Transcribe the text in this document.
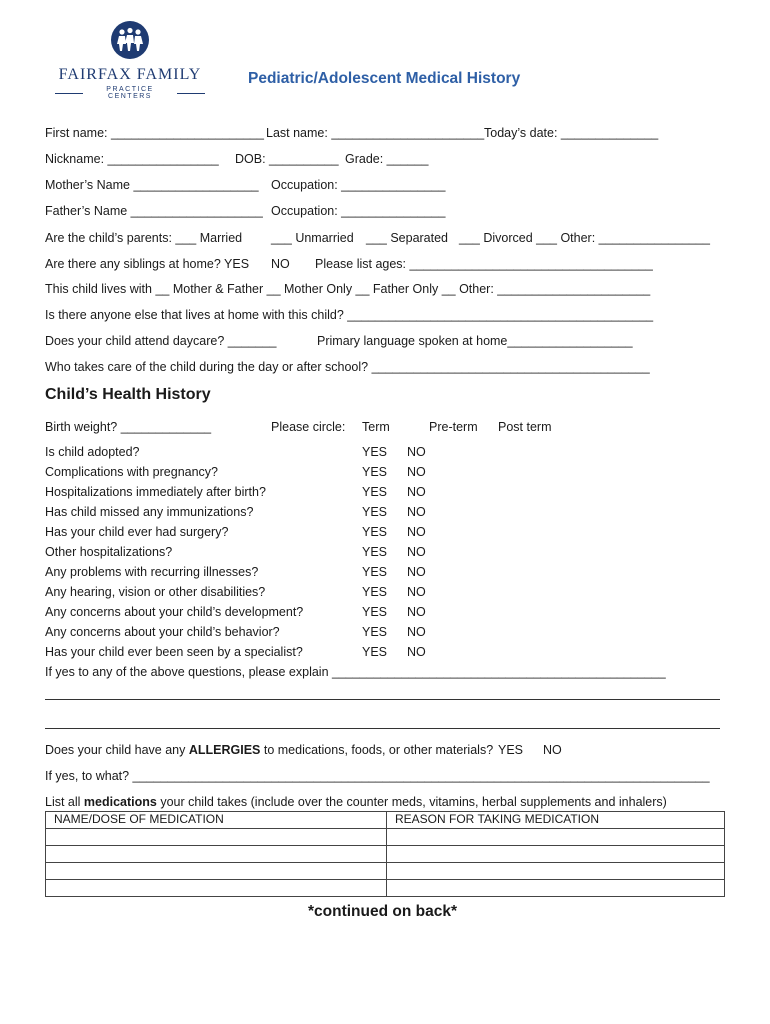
FAIRFAX FAMILY
PRACTICE CENTERS
Pediatric/Adolescent Medical History
First name: ______________________ Last name: ______________________ Today’s date: ______________
Nickname: ________________ DOB: __________ Grade: ______
Mother’s Name __________________ Occupation: _______________
Father’s Name ___________________ Occupation: _______________
Are the child’s parents: ___ Married ___ Unmarried ___ Separated ___ Divorced ___ Other: ________________
Are there any siblings at home? YES NO Please list ages: ___________________________________
This child lives with __ Mother & Father __ Mother Only __ Father Only __ Other: ______________________
Is there anyone else that lives at home with this child? ____________________________________________
Does your child attend daycare? _______	Primary language spoken at home__________________
Who takes care of the child during the day or after school? ________________________________________
Child’s Health History
Birth weight? _____________	Please circle: Term	Pre-term Post term
Is child adopted?	YES NO
Complications with pregnancy?	YES NO
Hospitalizations immediately after birth?	YES NO
Has child missed any immunizations?	YES NO
Has your child ever had surgery?	YES NO
Other hospitalizations?	YES NO
Any problems with recurring illnesses?	YES NO
Any hearing, vision or other disabilities?	YES NO
Any concerns about your child’s development?	YES NO
Any concerns about your child’s behavior?	YES NO
Has your child ever been seen by a specialist?	YES NO
If yes to any of the above questions, please explain ________________________________________________
Does your child have any ALLERGIES to medications, foods, or other materials? YES NO
If yes, to what? ___________________________________________________________________________________
List all medications your child takes (include over the counter meds, vitamins, herbal supplements and inhalers)
NAME/DOSE OF MEDICATION	REASON FOR TAKING MEDICATION

*continued on back*
